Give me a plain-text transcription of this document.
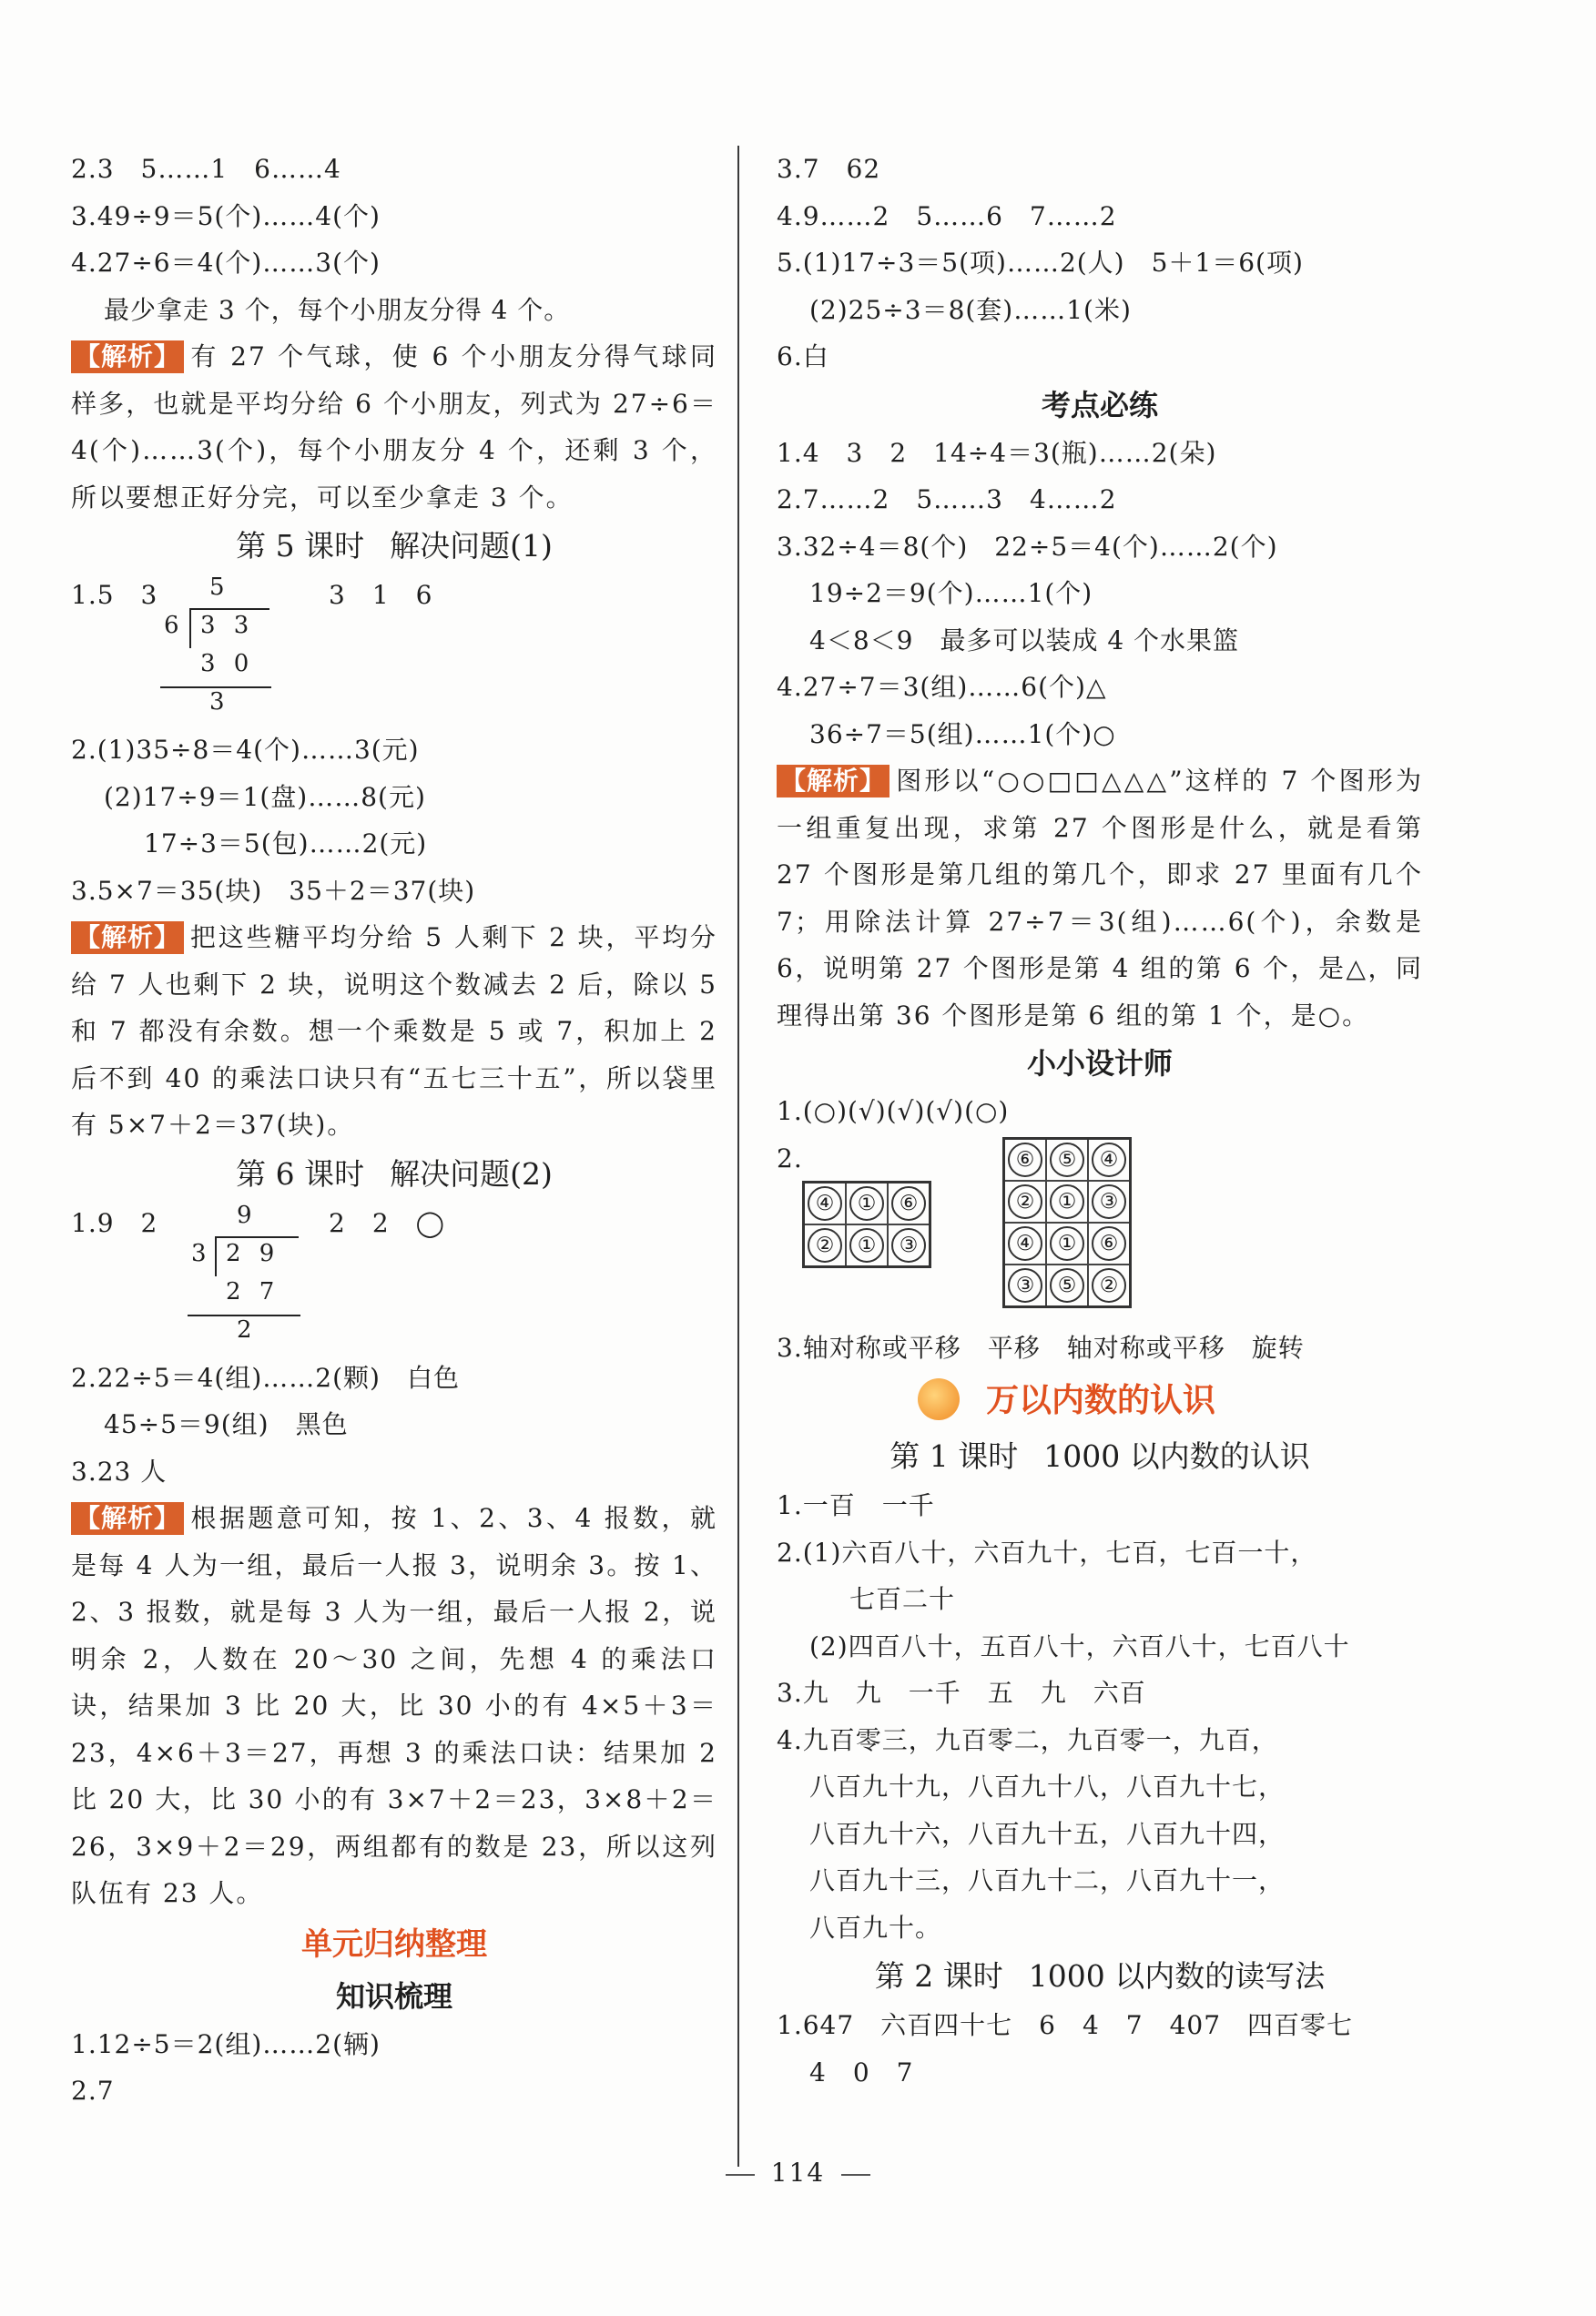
2.3　5……1　6……4
3.49÷9＝5(个)……4(个)
4.27÷6＝4(个)……3(个)
最少拿走 3 个，每个小朋友分得 4 个。
【解析】 有 27 个气球，使 6 个小朋友分得气球同样多，也就是平均分给 6 个小朋友，列式为 27÷6＝4(个)……3(个)，每个小朋友分 4 个，还剩 3 个，所以要想正好分完，可以至少拿走 3 个。
第 5 课时 解决问题(1)
1.5　3 5
6 3 3
3 0
3
3　1　6
2.(1)35÷8＝4(个)……3(元)
(2)17÷9＝1(盘)……8(元)
17÷3＝5(包)……2(元)
3.5×7＝35(块)　35＋2＝37(块)
【解析】 把这些糖平均分给 5 人剩下 2 块，平均分给 7 人也剩下 2 块，说明这个数减去 2 后，除以 5 和 7 都没有余数。想一个乘数是 5 或 7，积加上 2 后不到 40 的乘法口诀只有“五七三十五”，所以袋里有 5×7＋2＝37(块)。
第 6 课时 解决问题(2)
1.9　2	9
3 2 9
2 7
2
2　2　◯
2.22÷5＝4(组)……2(颗)　白色
45÷5＝9(组)　黑色
3.23 人
【解析】 根据题意可知，按 1、2、3、4 报数，就是每 4 人为一组，最后一人报 3，说明余 3。按 1、2、3 报数，就是每 3 人为一组，最后一人报 2，说明余 2，人数在 20～30 之间，先想 4 的乘法口诀，结果加 3 比 20 大，比 30 小的有 4×5＋3＝23，4×6＋3＝27，再想 3 的乘法口诀：结果加 2 比 20 大，比 30 小的有 3×7＋2＝23，3×8＋2＝26，3×9＋2＝29，两组都有的数是 23，所以这列队伍有 23 人。
单元归纳整理
知识梳理
1.12÷5＝2(组)……2(辆)
2.7
3.7　62
4.9……2　5……6　7……2
5.(1)17÷3＝5(项)……2(人)　5＋1＝6(项)
(2)25÷3＝8(套)……1(米)
6.白
考点必练
1.4　3　2　14÷4＝3(瓶)……2(朵)
2.7……2　5……3　4……2
3.32÷4＝8(个)　22÷5＝4(个)……2(个)
19÷2＝9(个)……1(个)
4＜8＜9　最多可以装成 4 个水果篮
4.27÷7＝3(组)……6(个)△
36÷7＝5(组)……1(个)○
【解析】 图形以“○○□□△△△”这样的 7 个图形为一组重复出现，求第 27 个图形是什么，就是看第 27 个图形是第几组的第几个，即求 27 里面有几个 7；用除法计算 27÷7＝3(组)……6(个)，余数是 6，说明第 27 个图形是第 4 组的第 6 个，是△，同理得出第 36 个图形是第 6 组的第 1 个，是○。
小小设计师
1.(○)(√)(√)(√)(○)
2.
④	①	⑥
②	①	③
⑥	⑤	④
②	①	③
④	①	⑥
③	⑤	②
3.轴对称或平移　平移　轴对称或平移　旋转
万以内数的认识
第 1 课时 1000 以内数的认识
1.一百　一千
2.(1)六百八十，六百九十，七百，七百一十，
七百二十
(2)四百八十，五百八十，六百八十，七百八十
3.九　九　一千　五　九　六百
4.九百零三，九百零二，九百零一，九百，
八百九十九，八百九十八，八百九十七，
八百九十六，八百九十五，八百九十四，
八百九十三，八百九十二，八百九十一，
八百九十。
第 2 课时 1000 以内数的读写法
1.647　六百四十七　6　4　7　407　四百零七
4　0　7
114
